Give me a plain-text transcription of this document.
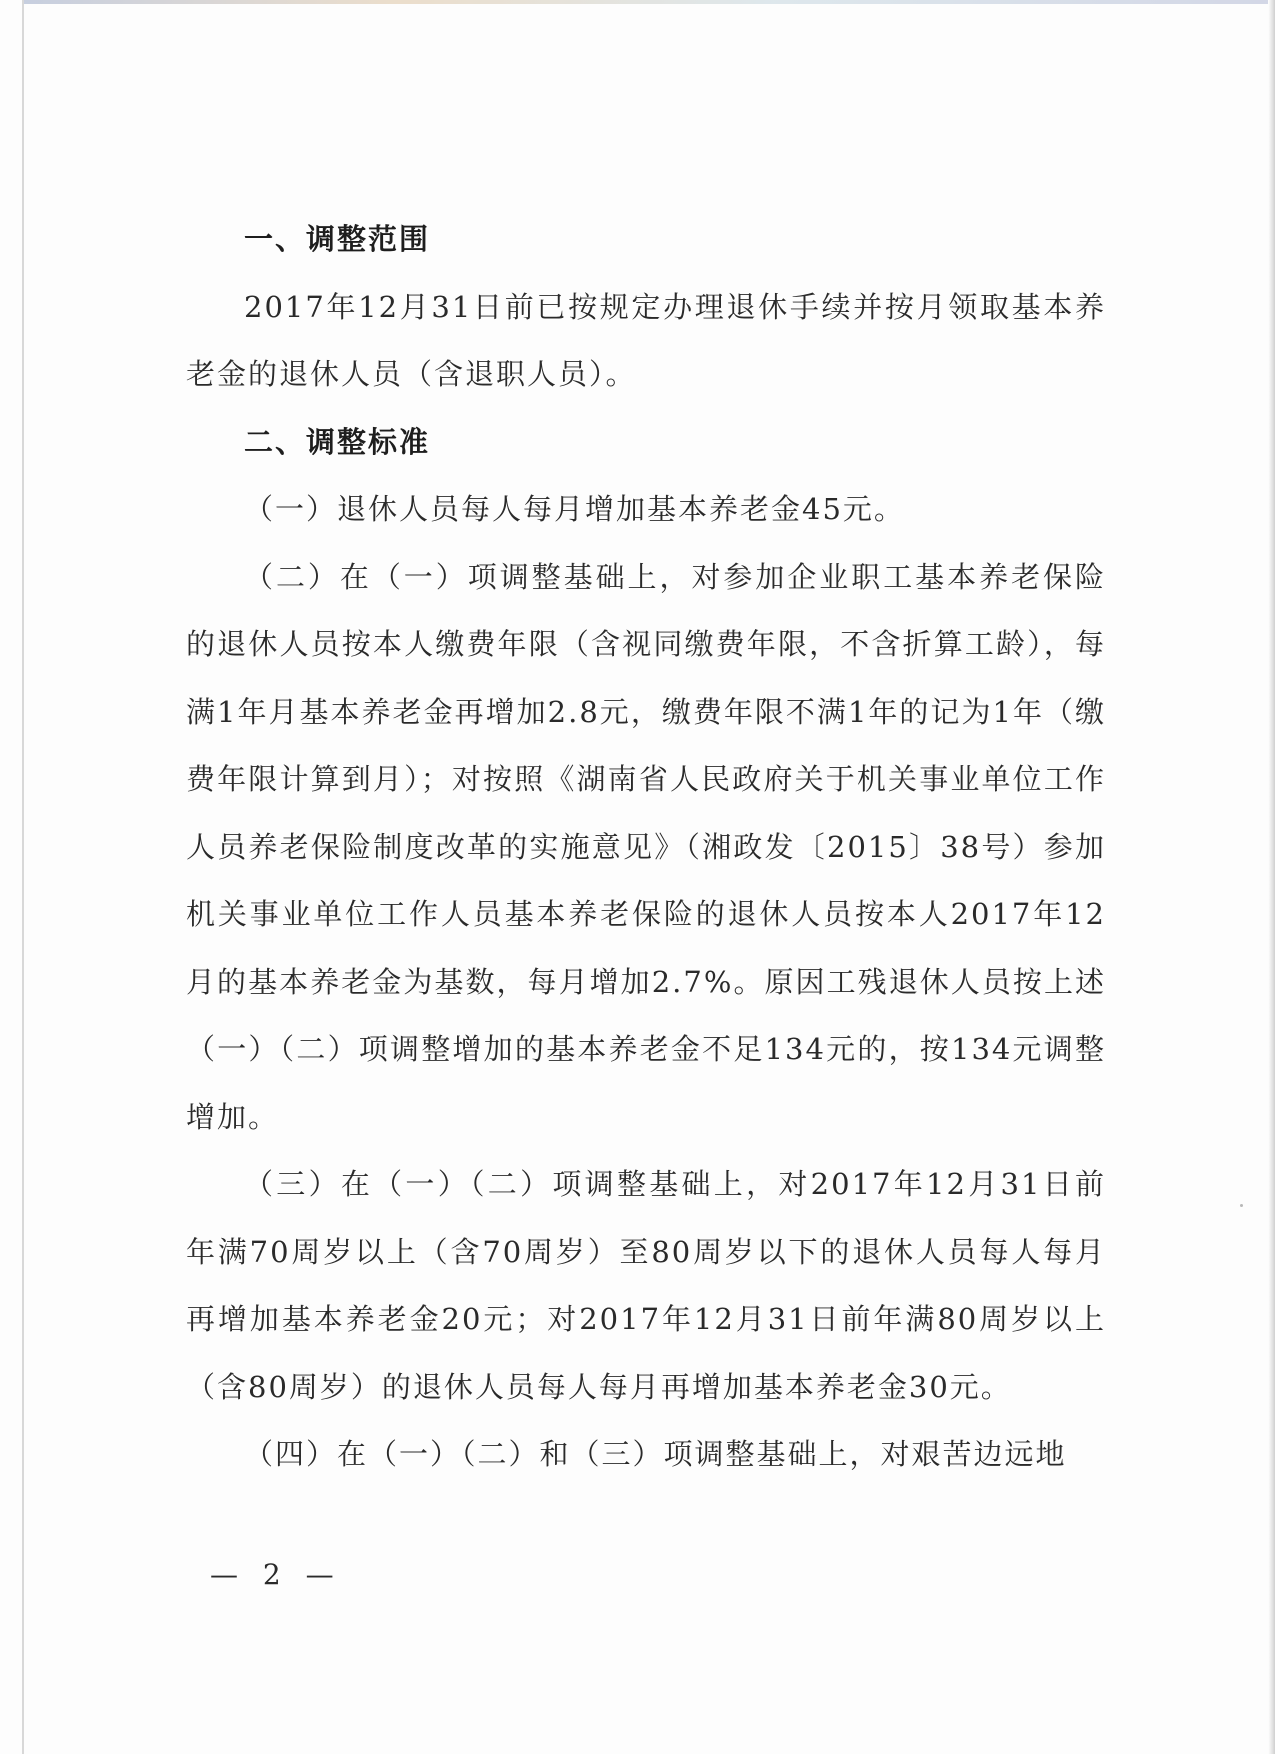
一、调整范围

2017年12月31日前已按规定办理退休手续并按月领取基本养老金的退休人员（含退职人员）。

二、调整标准

（一）退休人员每人每月增加基本养老金45元。

（二）在（一）项调整基础上，对参加企业职工基本养老保险的退休人员按本人缴费年限（含视同缴费年限，不含折算工龄），每满1年月基本养老金再增加2.8元，缴费年限不满1年的记为1年（缴费年限计算到月）；对按照《湖南省人民政府关于机关事业单位工作人员养老保险制度改革的实施意见》（湘政发〔2015〕38号）参加机关事业单位工作人员基本养老保险的退休人员按本人2017年12月的基本养老金为基数，每月增加2.7%。原因工残退休人员按上述（一）（二）项调整增加的基本养老金不足134元的，按134元调整增加。

（三）在（一）（二）项调整基础上，对2017年12月31日前年满70周岁以上（含70周岁）至80周岁以下的退休人员每人每月再增加基本养老金20元；对2017年12月31日前年满80周岁以上（含80周岁）的退休人员每人每月再增加基本养老金30元。

（四）在（一）（二）和（三）项调整基础上，对艰苦边远地

— 2 —
